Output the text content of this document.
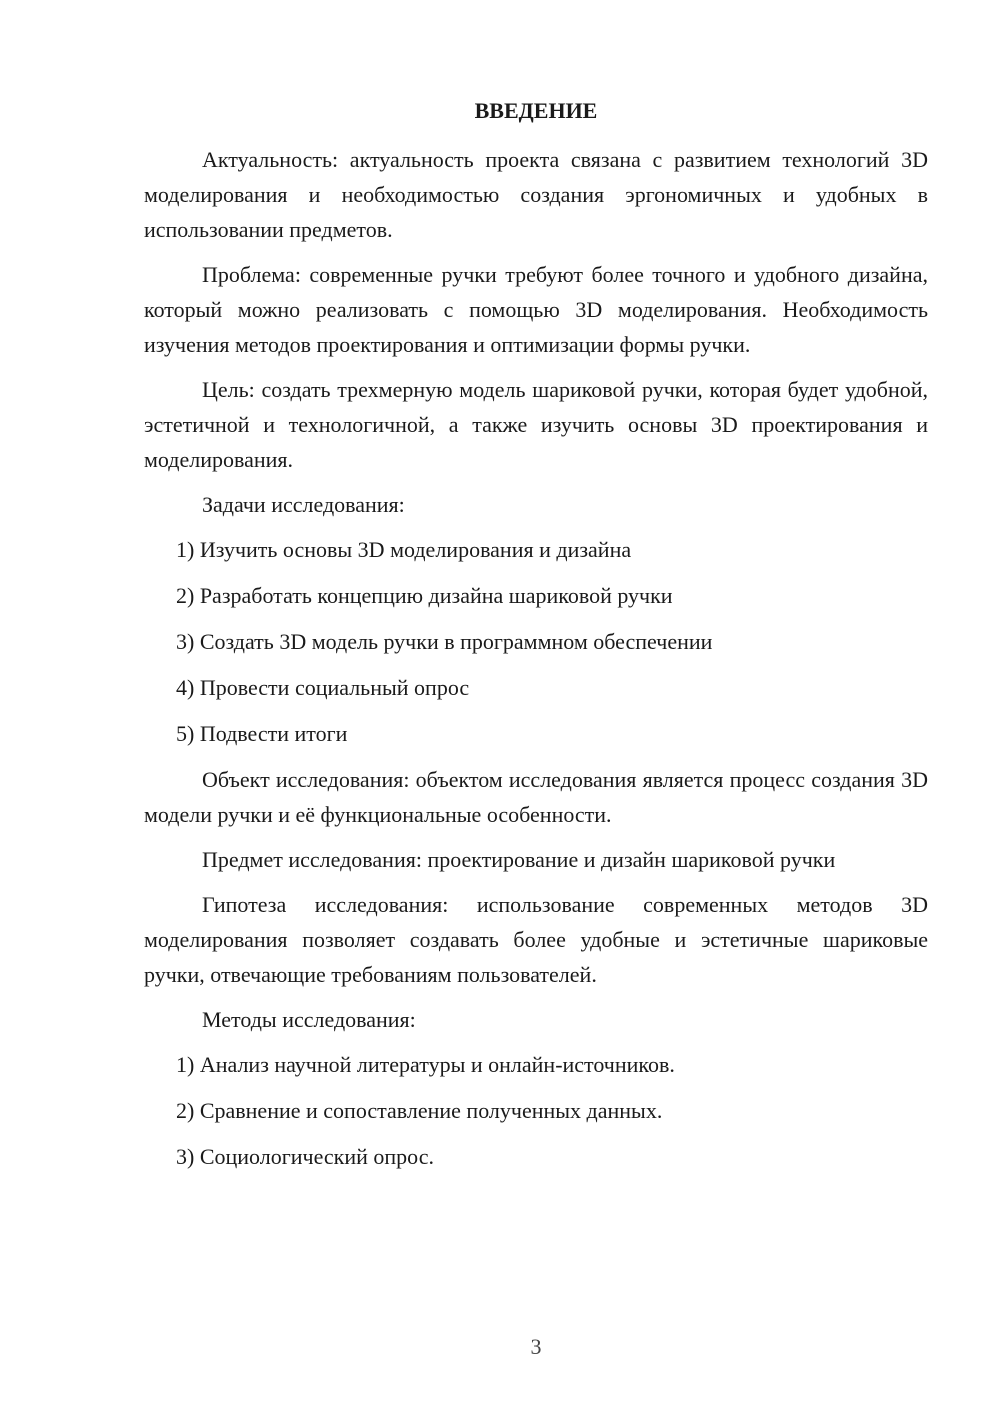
ВВЕДЕНИЕ

Актуальность: актуальность проекта связана с развитием технологий 3D моделирования и необходимостью создания эргономичных и удобных в использовании предметов.

Проблема: современные ручки требуют более точного и удобного дизайна, который можно реализовать с помощью 3D моделирования. Необходимость изучения методов проектирования и оптимизации формы ручки.

Цель: создать трехмерную модель шариковой ручки, которая будет удобной, эстетичной и технологичной, а также изучить основы 3D проектирования и моделирования.

Задачи исследования:

1) Изучить основы 3D моделирования и дизайна
2) Разработать концепцию дизайна шариковой ручки
3) Создать 3D модель ручки в программном обеспечении
4) Провести социальный опрос
5) Подвести итоги

Объект исследования: объектом исследования является процесс создания 3D модели ручки и её функциональные особенности.

Предмет исследования: проектирование и дизайн шариковой ручки

Гипотеза исследования: использование современных методов 3D моделирования позволяет создавать более удобные и эстетичные шариковые ручки, отвечающие требованиям пользователей.

Методы исследования:

1) Анализ научной литературы и онлайн-источников.
2) Сравнение и сопоставление полученных данных.
3) Социологический опрос.
3
